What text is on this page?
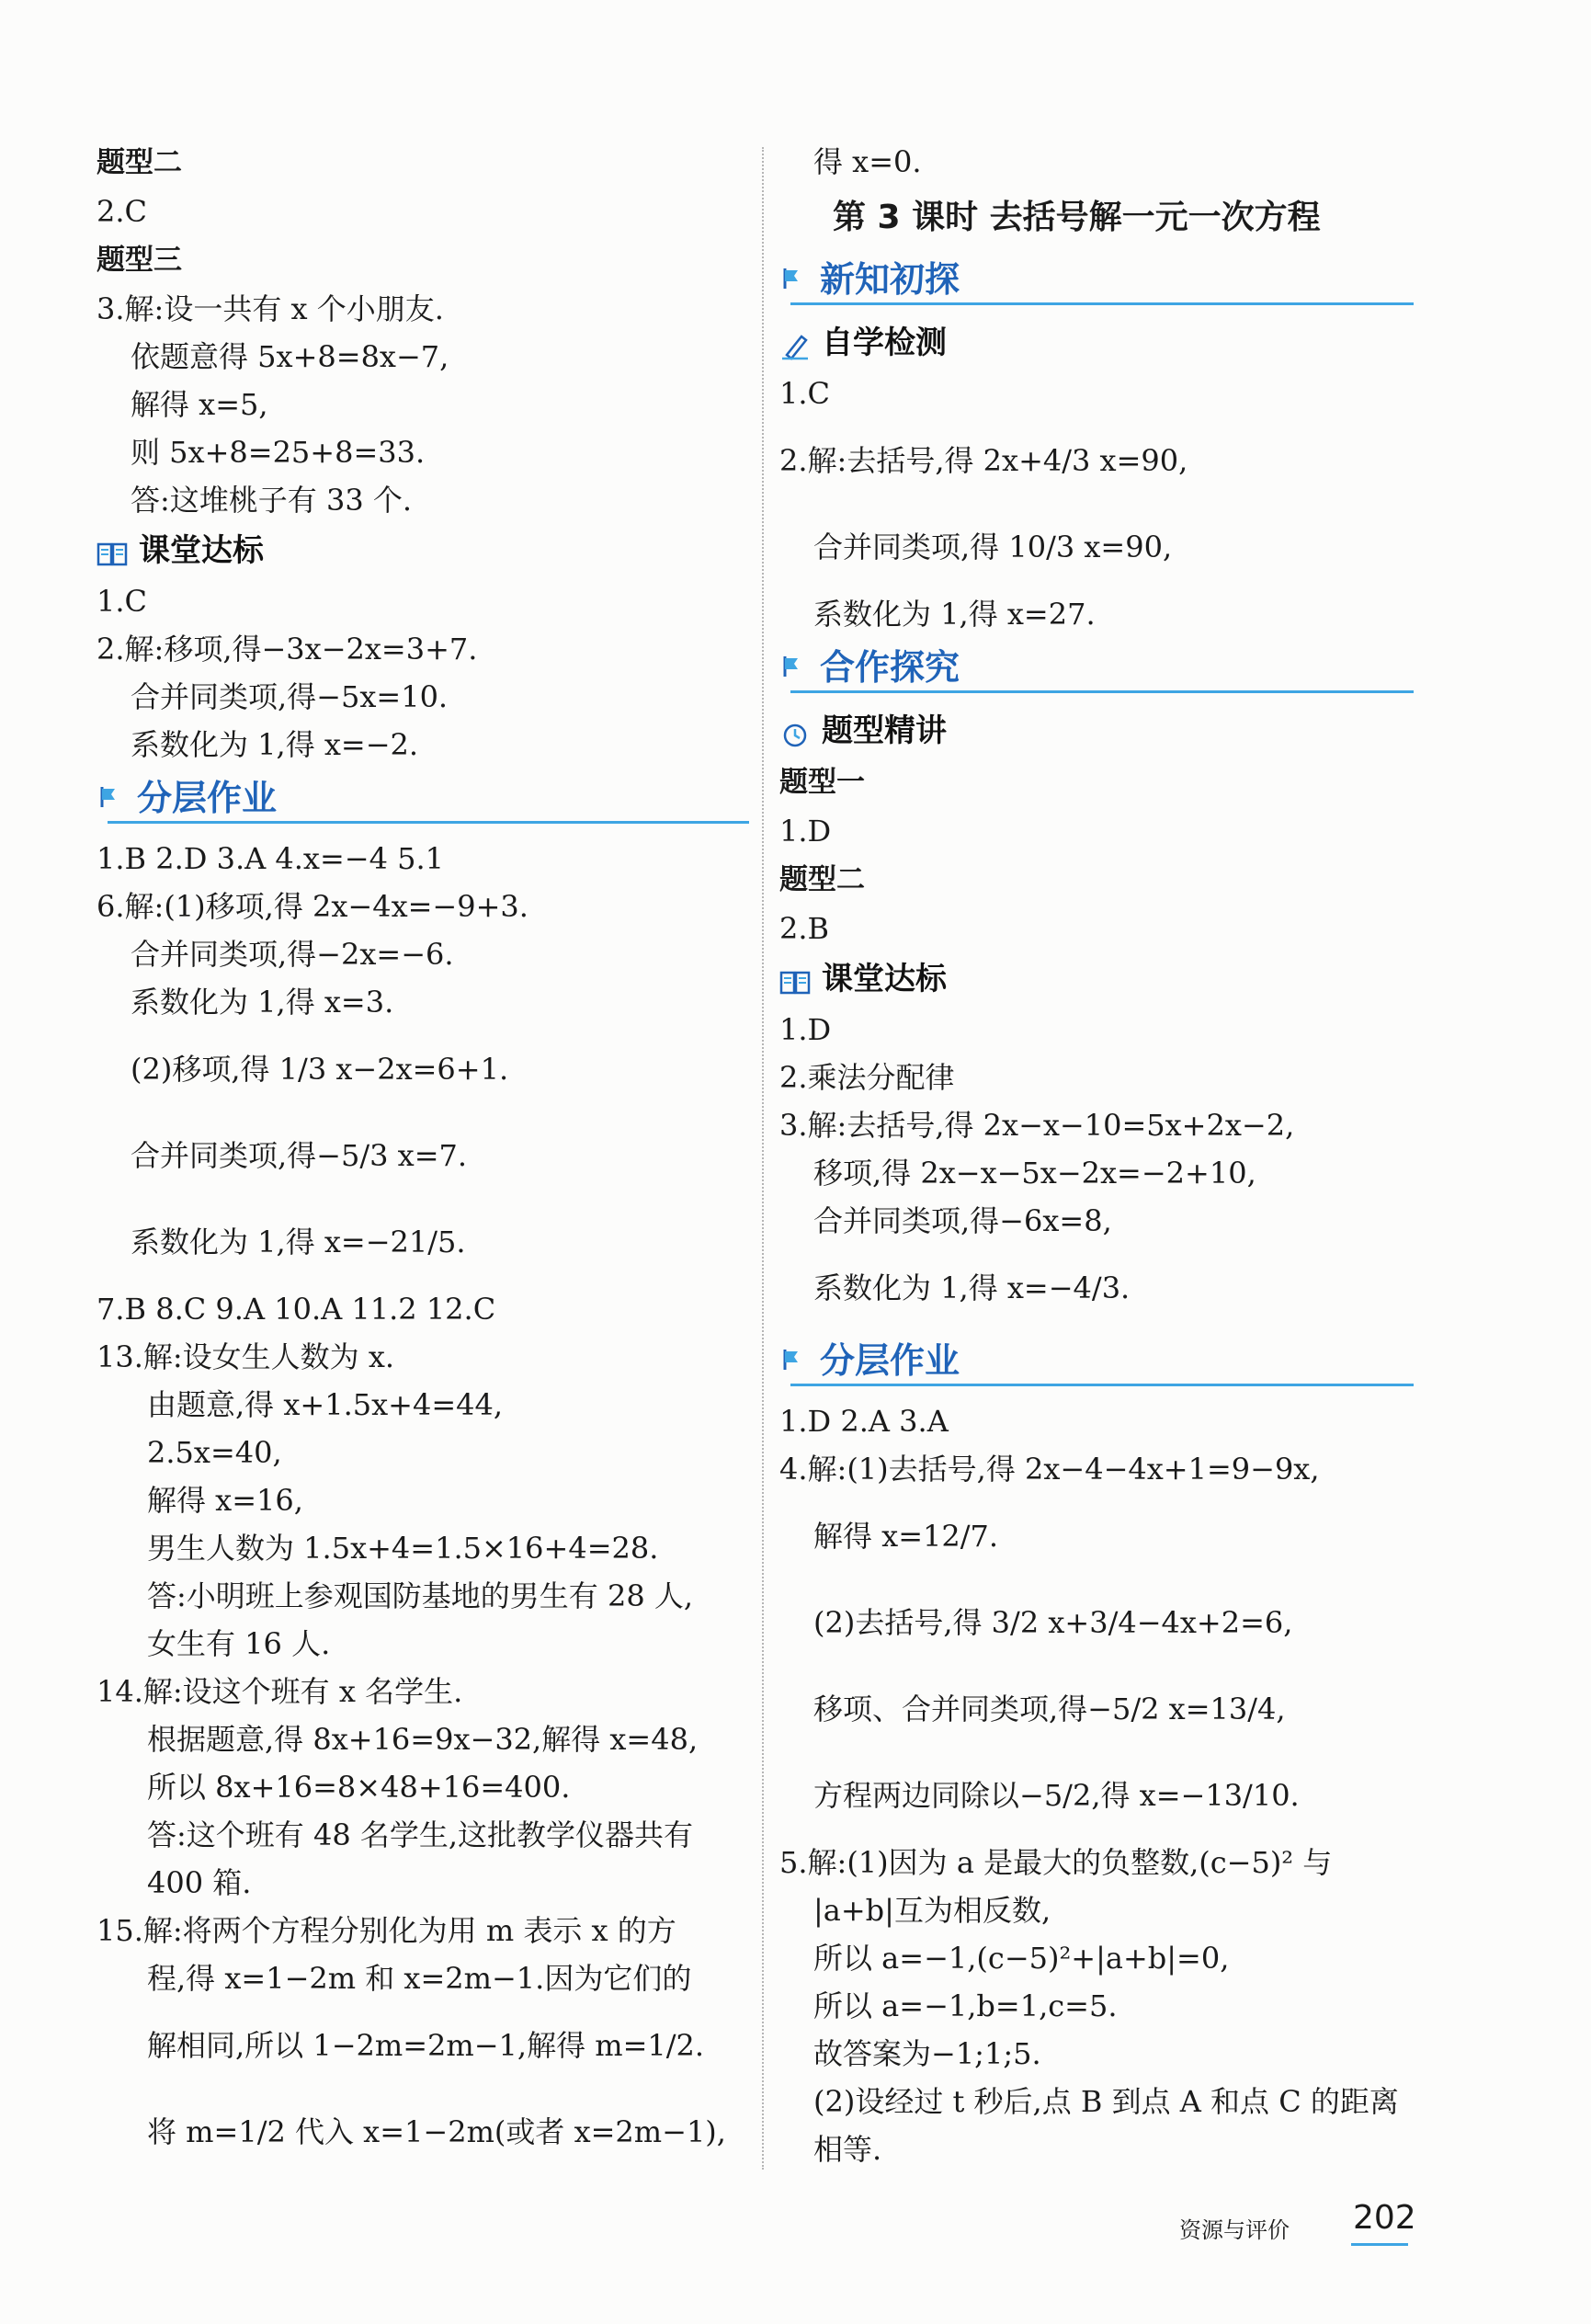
题型二
2.C
题型三
3.解:设一共有 x 个小朋友.
依题意得 5x+8=8x−7,
解得 x=5,
则 5x+8=25+8=33.
答:这堆桃子有 33 个.
课堂达标
1.C
2.解:移项,得−3x−2x=3+7.
合并同类项,得−5x=10.
系数化为 1,得 x=−2.
分层作业
1.B 2.D 3.A 4.x=−4 5.1
6.解:(1)移项,得 2x−4x=−9+3.
合并同类项,得−2x=−6.
系数化为 1,得 x=3.
(2)移项,得 1/3 x−2x=6+1.
合并同类项,得−5/3 x=7.
系数化为 1,得 x=−21/5.
7.B 8.C 9.A 10.A 11.2 12.C
13.解:设女生人数为 x.
由题意,得 x+1.5x+4=44,
2.5x=40,
解得 x=16,
男生人数为 1.5x+4=1.5×16+4=28.
答:小明班上参观国防基地的男生有 28 人,
女生有 16 人.
14.解:设这个班有 x 名学生.
根据题意,得 8x+16=9x−32,解得 x=48,
所以 8x+16=8×48+16=400.
答:这个班有 48 名学生,这批教学仪器共有
400 箱.
15.解:将两个方程分别化为用 m 表示 x 的方
程,得 x=1−2m 和 x=2m−1.因为它们的
解相同,所以 1−2m=2m−1,解得 m=1/2.
将 m=1/2 代入 x=1−2m(或者 x=2m−1),
得 x=0.
第 3 课时 去括号解一元一次方程
新知初探
自学检测
1.C
2.解:去括号,得 2x+4/3 x=90,
合并同类项,得 10/3 x=90,
系数化为 1,得 x=27.
合作探究
题型精讲
题型一
1.D
题型二
2.B
课堂达标
1.D
2.乘法分配律
3.解:去括号,得 2x−x−10=5x+2x−2,
移项,得 2x−x−5x−2x=−2+10,
合并同类项,得−6x=8,
系数化为 1,得 x=−4/3.
分层作业
1.D 2.A 3.A
4.解:(1)去括号,得 2x−4−4x+1=9−9x,
解得 x=12/7.
(2)去括号,得 3/2 x+3/4−4x+2=6,
移项、合并同类项,得−5/2 x=13/4,
方程两边同除以−5/2,得 x=−13/10.
5.解:(1)因为 a 是最大的负整数,(c−5)² 与
|a+b|互为相反数,
所以 a=−1,(c−5)²+|a+b|=0,
所以 a=−1,b=1,c=5.
故答案为−1;1;5.
(2)设经过 t 秒后,点 B 到点 A 和点 C 的距离
相等.
资源与评价 202
